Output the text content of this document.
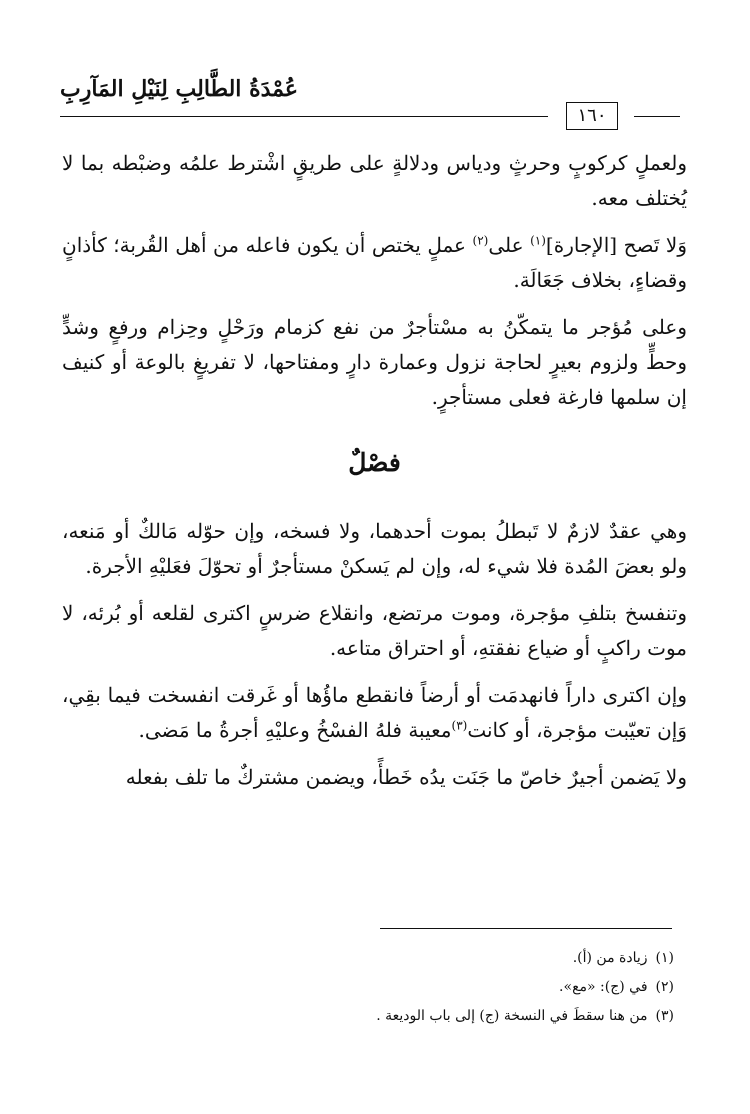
عُمْدَةُ الطَّالِبِ لِنَيْلِ المَآرِبِ
١٦٠

ولعملٍ كركوبٍ وحرثٍ ودياس ودلالةٍ على طريقٍ اشْترط علمُه وضبْطه بما لا يُختلف معه.

وَلا تَصح [الإجارة]$^{(١)}$ على$^{(٢)}$ عملٍ يختص أن يكون فاعله من أهل القُربة؛ كأذانٍ وقضاءٍ، بخلاف جَعَالَة.

وعلى مُؤجر ما يتمكّنُ به مسْتأجرٌ من نفع كزمام ورَحْلٍ وحِزام ورفعٍ وشدٍّ وحطٍّ ولزوم بعيرٍ لحاجة نزول وعمارة دارٍ ومفتاحها، لا تفريغٍ بالوعة أو كنيف إن سلمها فارغة فعلى مستأجرٍ.

فصْلٌ

وهي عقدٌ لازمٌ لا تَبطلُ بموت أحدهما، ولا فسخه، وإن حوّله مَالكٌ أو مَنعه، ولو بعضَ المُدة فلا شيء له، وإن لم يَسكنْ مستأجرٌ أو تحوّلَ فعَليْهِ الأجرة.

وتنفسخ بتلفِ مؤجرة، وموت مرتضع، وانقلاع ضرسٍ اكترى لقلعه أو بُرئه، لا موت راكبٍ أو ضياع نفقتهِ، أو احتراق متاعه.

وإن اكترى داراً فانهدمَت أو أرضاً فانقطع ماؤُها أو غَرقت انفسخت فيما بقِي، وَإن تعيّبت مؤجرة، أو كانت$^{(٣)}$معيبة فلهُ الفسْخُ وعليْهِ أجرةُ ما مَضى.

ولا يَضمن أجيرٌ خاصّ ما جَنَت يدُه خَطأً، ويضمن مشتركٌ ما تلف بفعله

(١)زيادة من (أ).
(٢)في (ج): «مع».
(٣)من هنا سقطَ في النسخة (ج) إلى باب الوديعة .
